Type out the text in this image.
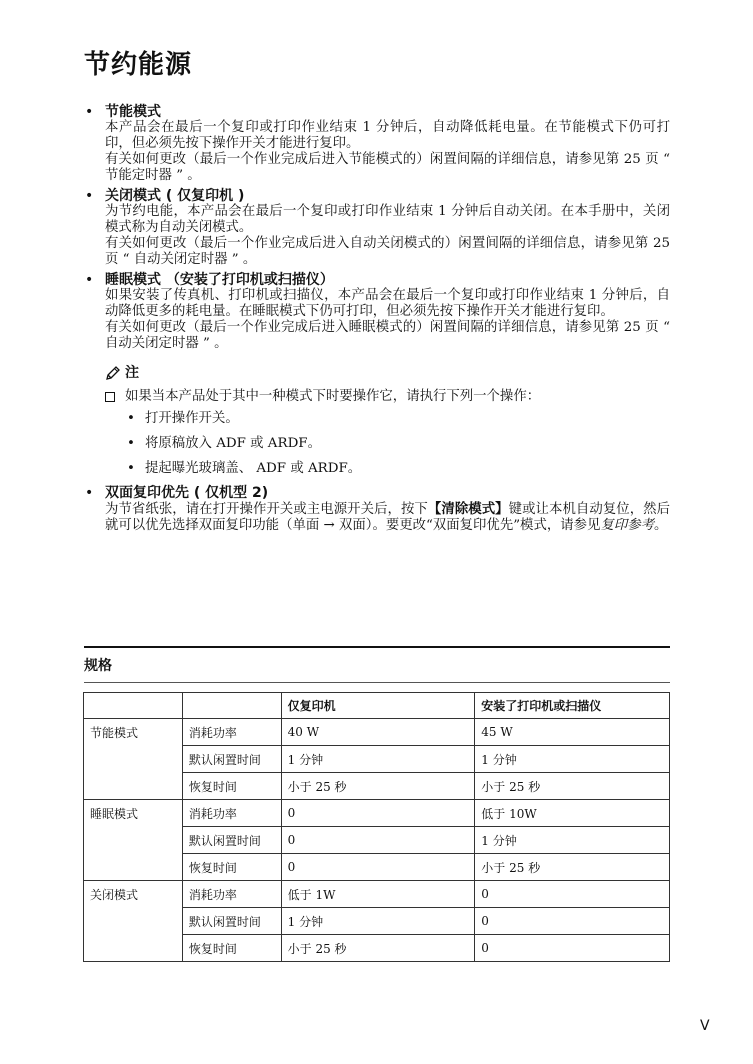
节约能源
• 节能模式

本产品会在最后一个复印或打印作业结束 1 分钟后，自动降低耗电量。在节能模式下仍可打印，但必须先按下操作开关才能进行复印。

有关如何更改（最后一个作业完成后进入节能模式的）闲置间隔的详细信息，请参见第 25 页 “ 节能定时器 ” 。

• 关闭模式 ( 仅复印机 )

为节约电能，本产品会在最后一个复印或打印作业结束 1 分钟后自动关闭。在本手册中，关闭模式称为自动关闭模式。

有关如何更改（最后一个作业完成后进入自动关闭模式的）闲置间隔的详细信息，请参见第 25 页 “ 自动关闭定时器 ” 。

• 睡眠模式 （安装了打印机或扫描仪）

如果安装了传真机、打印机或扫描仪，本产品会在最后一个复印或打印作业结束 1 分钟后，自动降低更多的耗电量。在睡眠模式下仍可打印，但必须先按下操作开关才能进行复印。

有关如何更改（最后一个作业完成后进入睡眠模式的）闲置间隔的详细信息，请参见第 25 页 “ 自动关闭定时器 ” 。

注
如果当本产品处于其中一种模式下时要操作它，请执行下列一个操作：
• 打开操作开关。
• 将原稿放入 ADF 或 ARDF。
• 提起曝光玻璃盖、 ADF 或 ARDF。
• 双面复印优先 ( 仅机型 2)

为节省纸张，请在打开操作开关或主电源开关后，按下【清除模式】键或让本机自动复位，然后就可以优先选择双面复印功能（单面 → 双面）。要更改“双面复印优先”模式，请参见复印参考。

规格
		仅复印机	安装了打印机或扫描仪
节能模式	消耗功率	40 W	45 W
	默认闲置时间	1 分钟	1 分钟
	恢复时间	小于 25 秒	小于 25 秒
睡眠模式	消耗功率	0	低于 10W
	默认闲置时间	0	1 分钟
	恢复时间	0	小于 25 秒
关闭模式	消耗功率	低于 1W	0
	默认闲置时间	1 分钟	0
	恢复时间	小于 25 秒	0
V
